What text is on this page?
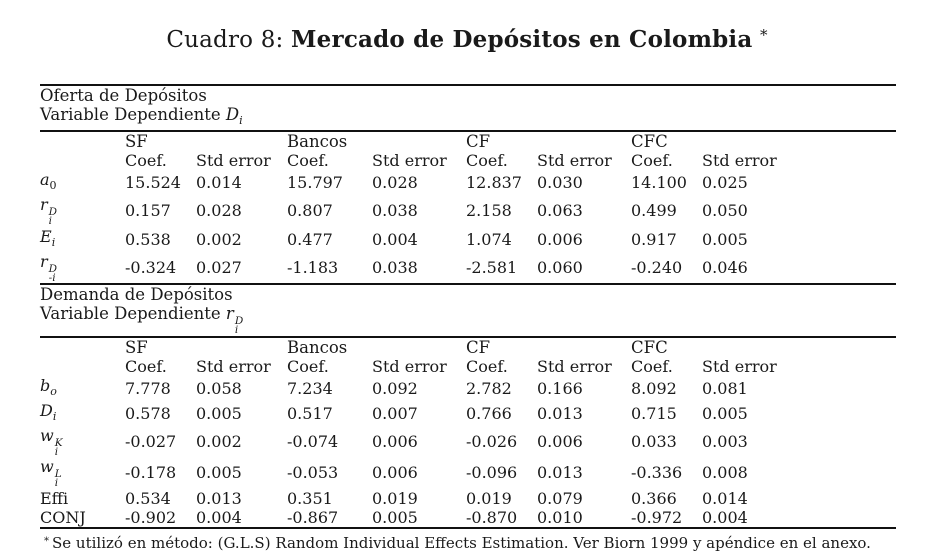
Cuadro 8: Mercado de Depósitos en Colombia *
Oferta de Depósitos								
Variable Dependiente $D_i$
	SF		Bancos		CF		CFC	
	Coef.	Std error	Coef.	Std error	Coef.	Std error	Coef.	Std error
$a_0$	15.524	0.014	15.797	0.028	12.837	0.030	14.100	0.025
r D
i	0.157	0.028	0.807	0.038	2.158	0.063	0.499	0.050
$E_i$	0.538	0.002	0.477	0.004	1.074	0.006	0.917	0.005
r D
-i	-0.324	0.027	-1.183	0.038	-2.581	0.060	-0.240	0.046
Demanda de Depósitos								
Variable Dependiente r D
i								

	SF		Bancos		CF		CFC	
	Coef.	Std error	Coef.	Std error	Coef.	Std error	Coef.	Std error
$b_o$	7.778	0.058	7.234	0.092	2.782	0.166	8.092	0.081
$D_i$	0.578	0.005	0.517	0.007	0.766	0.013	0.715	0.005
w K
i	-0.027	0.002	-0.074	0.006	-0.026	0.006	0.033	0.003
w L
i	-0.178	0.005	-0.053	0.006	-0.096	0.013	-0.336	0.008
Effi	0.534	0.013	0.351	0.019	0.019	0.079	0.366	0.014
CONJ	-0.902	0.004	-0.867	0.005	-0.870	0.010	-0.972	0.004
* Se utilizó en método: (G.L.S) Random Individual Effects Estimation. Ver Biorn 1999 y apéndice en el anexo.
